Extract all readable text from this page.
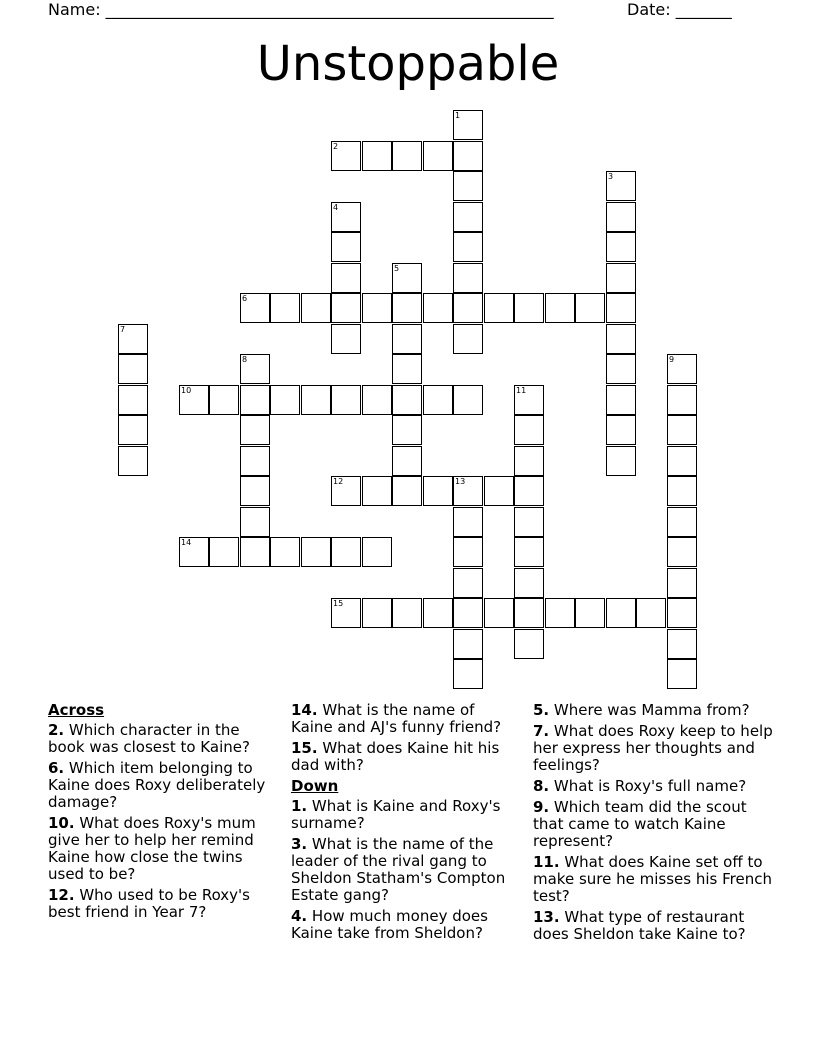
Name: ________________________________________________________	Date: _______
Unstoppable
1
2
3
4
5
6
7
8	9
10	11
12	13
14
15
Across

2. Which character in the book was closest to Kaine?

6. Which item belonging to Kaine does Roxy deliberately damage?

10. What does Roxy's mum give her to help her remind Kaine how close the twins used to be?

12. Who used to be Roxy's best friend in Year 7?

14. What is the name of Kaine and AJ's funny friend?

15. What does Kaine hit his dad with?

Down

1. What is Kaine and Roxy's surname?

3. What is the name of the leader of the rival gang to Sheldon Statham's Compton Estate gang?

4. How much money does Kaine take from Sheldon?

5. Where was Mamma from?

7. What does Roxy keep to help her express her thoughts and feelings?

8. What is Roxy's full name?

9. Which team did the scout that came to watch Kaine represent?

11. What does Kaine set off to make sure he misses his French test?

13. What type of restaurant does Sheldon take Kaine to?
